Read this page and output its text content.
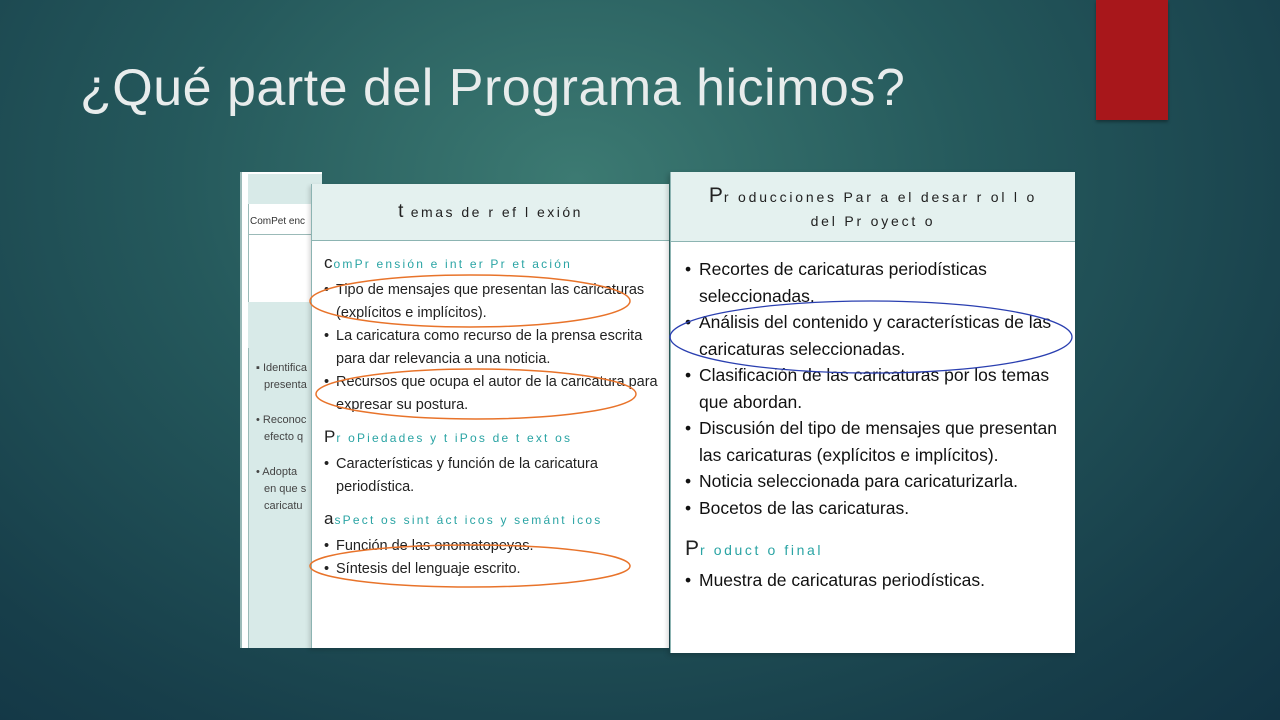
¿Qué parte del Programa hicimos?
ComPet enc
▪ Identifica
presenta
• Reconoc
efecto q
• Adopta
en que s
caricatu
t emas de r ef l exión
comPr ensión e int er Pr et ación
• Tipo de mensajes que presentan las caricaturas (explícitos e implícitos).
• La caricatura como recurso de la prensa escrita para dar relevancia a una noticia.
• Recursos que ocupa el autor de la caricatura para expresar su postura.
Pr oPiedades y t iPos de t ext os
• Características y función de la caricatura periodística.
asPect os sint áct icos y semánt icos
• Función de las onomatopeyas.
• Síntesis del lenguaje escrito.
Pr oducciones Par a el desar r ol l o
del Pr oyect o
• Recortes de caricaturas periodísticas seleccionadas.
• Análisis del contenido y características de las caricaturas seleccionadas.
• Clasificación de las caricaturas por los temas que abordan.
• Discusión del tipo de mensajes que presentan las caricaturas (explícitos e implícitos).
• Noticia seleccionada para caricaturizarla.
• Bocetos de las caricaturas.
Pr oduct o final
• Muestra de caricaturas periodísticas.
